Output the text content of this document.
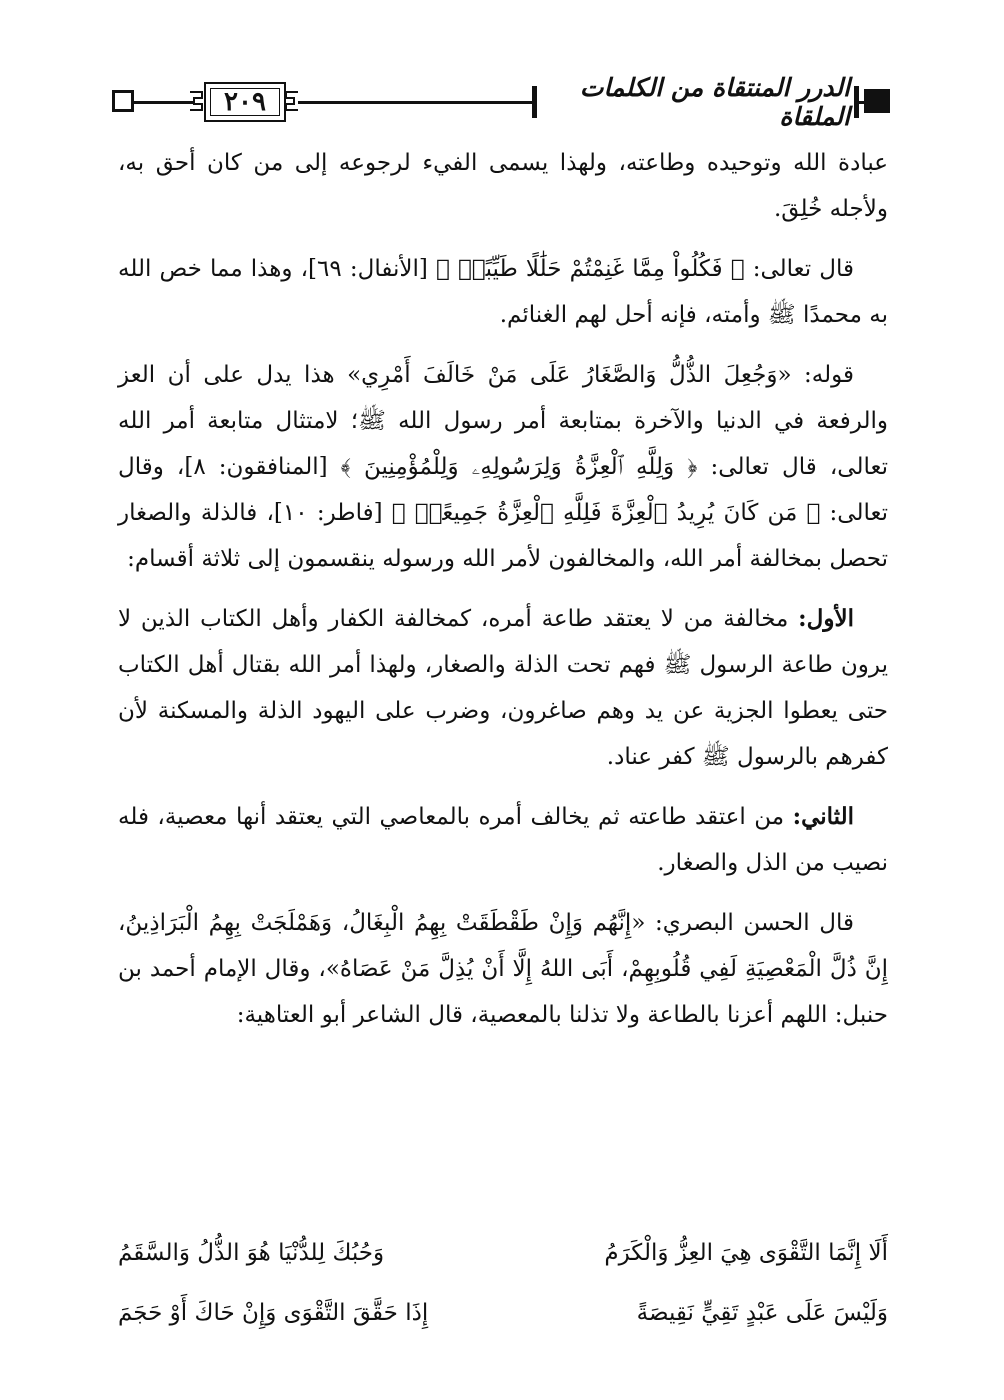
٢٠٩	الدرر المنتقاة من الكلمات الملقاة

عبادة الله وتوحيده وطاعته، ولهذا يسمى الفيء لرجوعه إلى من كان أحق به، ولأجله خُلِقَ.

قال تعالى: ﴿ فَكُلُواْ مِمَّا غَنِمْتُمْ حَلَٰلًا طَيِّبًاۚ ﴾ [الأنفال: ٦٩]، وهذا مما خص الله به محمدًا ﷺ وأمته، فإنه أحل لهم الغنائم.

قوله: «وَجُعِلَ الذُّلُّ وَالصَّغَارُ عَلَى مَنْ خَالَفَ أَمْرِي» هذا يدل على أن العز والرفعة في الدنيا والآخرة بمتابعة أمر رسول الله ﷺ؛ لامتثال متابعة أمر الله تعالى، قال تعالى: ﴿ وَلِلَّهِ ٱلْعِزَّةُ وَلِرَسُولِهِۦ وَلِلْمُؤْمِنِينَ ﴾ [المنافقون: ٨]، وقال تعالى: ﴿ مَن كَانَ يُرِيدُ ٱلْعِزَّةَ فَلِلَّهِ ٱلْعِزَّةُ جَمِيعًاۚ ﴾ [فاطر: ١٠]، فالذلة والصغار تحصل بمخالفة أمر الله، والمخالفون لأمر الله ورسوله ينقسمون إلى ثلاثة أقسام:

الأول: مخالفة من لا يعتقد طاعة أمره، كمخالفة الكفار وأهل الكتاب الذين لا يرون طاعة الرسول ﷺ فهم تحت الذلة والصغار، ولهذا أمر الله بقتال أهل الكتاب حتى يعطوا الجزية عن يد وهم صاغرون، وضرب على اليهود الذلة والمسكنة لأن كفرهم بالرسول ﷺ كفر عناد.

الثاني: من اعتقد طاعته ثم يخالف أمره بالمعاصي التي يعتقد أنها معصية، فله نصيب من الذل والصغار.

قال الحسن البصري: «إِنَّهُم وَإِنْ طَقْطَقَتْ بِهِمُ الْبِغَالُ، وَهَمْلَجَتْ بِهِمُ الْبَرَاذِينُ، إِنَّ ذُلَّ الْمَعْصِيَةِ لَفِي قُلُوبِهِمْ، أَبَى اللهُ إِلَّا أَنْ يُذِلَّ مَنْ عَصَاهُ»، وقال الإمام أحمد بن حنبل: اللهم أعزنا بالطاعة ولا تذلنا بالمعصية، قال الشاعر أبو العتاهية:

أَلَا إِنَّمَا التَّقْوَى هِيَ العِزُّ وَالْكَرَمُ
وَحُبُكَ لِلدُّنْيَا هُوَ الذُّلُ وَالسَّقَمُ
وَلَيْسَ عَلَى عَبْدٍ تَقِيٍّ نَقِيصَةً
إِذَا حَقَّقَ التَّقْوَى وَإِنْ حَاكَ أَوْ حَجَمَ
